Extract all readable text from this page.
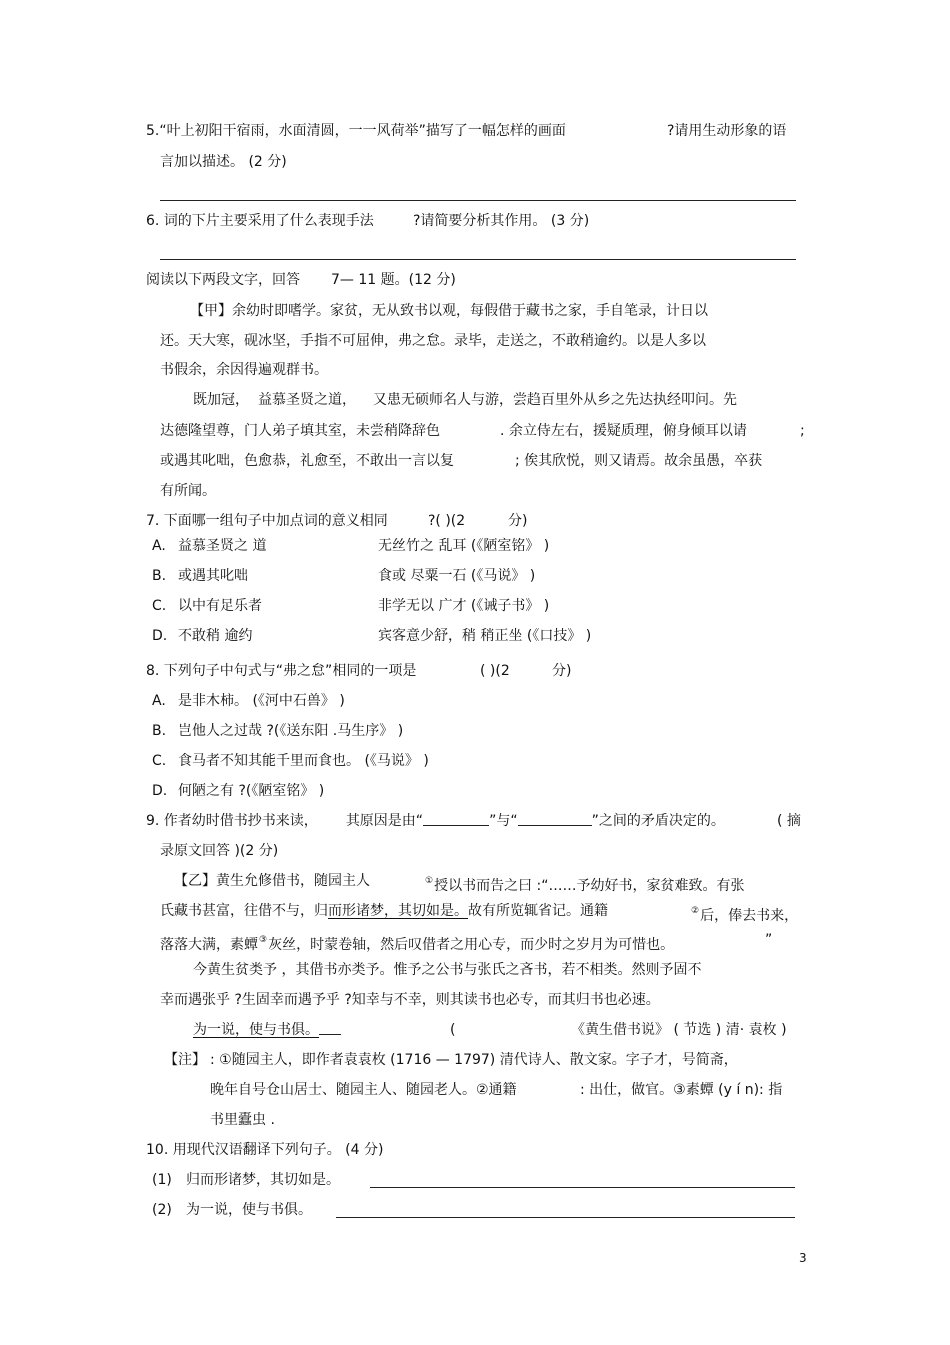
5.“叶上初阳干宿雨，水面清圆，一一风荷举”描写了一幅怎样的画面	?请用生动形象的语
言加以描述。 (2 分)
6. 词的下片主要采用了什么表现手法	?请简要分析其作用。 (3 分)
阅读以下两段文字，回答 7— 11 题。(12 分)
【甲】余幼时即嗜学。家贫，无从致书以观，每假借于藏书之家，手自笔录，计日以
还。天大寒，砚冰坚，手指不可屈伸，弗之怠。录毕，走送之，不敢稍逾约。以是人多以
书假余，余因得遍观群书。
既加冠， 益慕圣贤之道， 又患无硕师名人与游，尝趋百里外从乡之先达执经叩问。先
达德隆望尊，门人弟子填其室，未尝稍降辞色	. 余立侍左右，援疑质理，俯身倾耳以请	;
或遇其叱咄，色愈恭，礼愈至，不敢出一言以复	; 俟其欣悦，则又请焉。故余虽愚，卒获
有所闻。
7. 下面哪一组句子中加点词的意义相同	?( )(2	分)
A. 益慕圣贤之 道	无丝竹之 乱耳 (《陋室铭》 )
B. 或遇其叱咄	食或 尽粟一石 (《马说》 )
C. 以中有足乐者	非学无以 广才 (《诫子书》 )
D. 不敢稍 逾约	宾客意少舒，稍 稍正坐 (《口技》 )
8. 下列句子中句式与“弗之怠”相同的一项是	( )(2	分)
A. 是非木柿。 (《河中石兽》 )
B. 岂他人之过哉 ?(《送东阳 .马生序》 )
C. 食马者不知其能千里而食也。 (《马说》 )
D. 何陋之有 ?(《陋室铭》 )
9. 作者幼时借书抄书来读， 其原因是由“	”与“	”之间的矛盾决定的。	( 摘
录原文回答 )(2 分)
【乙】黄生允修借书，随园主人	①授以书而告之曰 :“……予幼好书，家贫难致。有张
氏藏书甚富，往借不与，归而形诸梦，其切如是。故有所览辄省记。通籍	②后，俸去书来，
落落大满，素蟫③灰丝，时蒙卷轴，然后叹借者之用心专，而少时之岁月为可惜也。	”
今黄生贫类予 ，其借书亦类予。惟予之公书与张氏之吝书，若不相类。然则予固不
幸而遇张乎 ?生固幸而遇予乎 ?知幸与不幸，则其读书也必专，而其归书也必速。
为一说，使与书俱。	(	《黄生借书说》 ( 节选 ) 清· 袁枚 )
【注】 : ①随园主人，即作者袁袁枚 (1716 — 1797) 清代诗人、散文家。字子才，号简斋，
晚年自号仓山居士、随园主人、随园老人。②通籍	: 出仕，做官。③素蟫 (y í n): 指
书里蠹虫 .
10. 用现代汉语翻译下列句子。 (4 分)
(1) 归而形诸梦，其切如是。
(2) 为一说，使与书俱。
3
